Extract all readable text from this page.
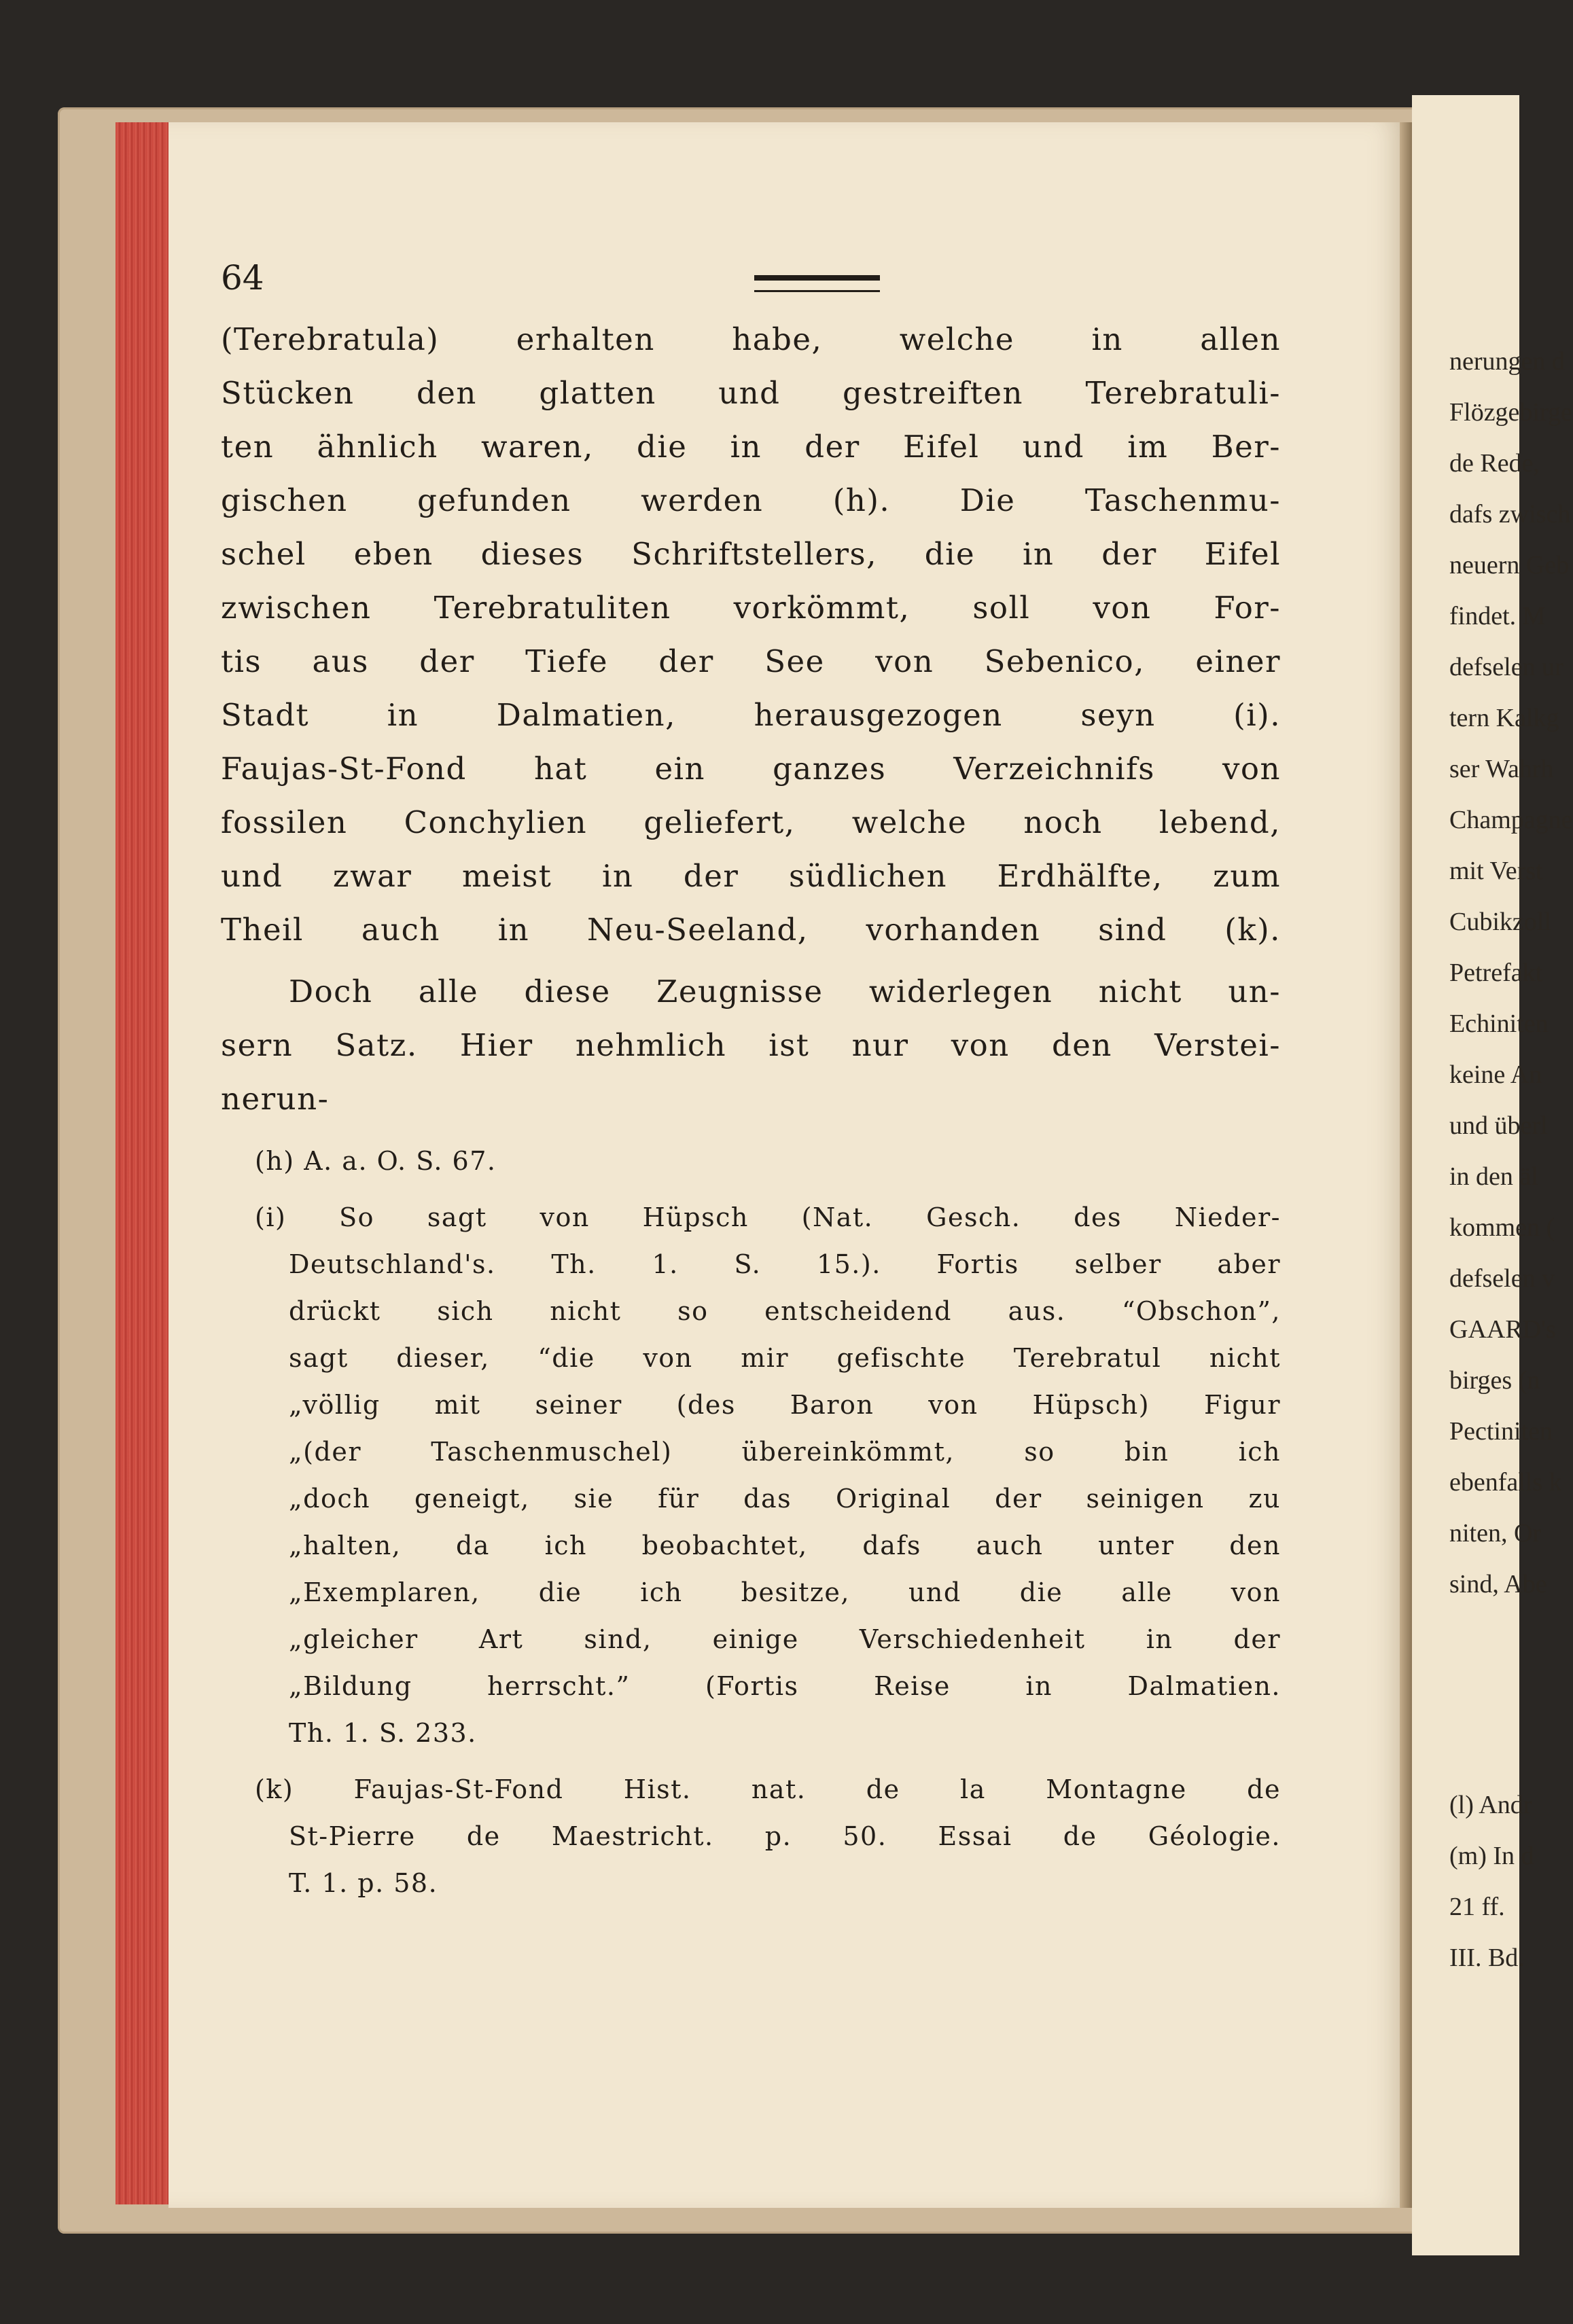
nerungen d
Flözgebirge
de Rede,
dafs zwisch
neuern Geb
findet. M
defselen ur
tern Kalkg
ser Wahrh
Champagne
mit Verst
Cubikzoll
Petrefakt
Echiniten
keine An
und überl
in den äl
kommen (
defselen v
GAARD's
birges (n
Pectiniten
ebenfalls k
niten, Or
sind, Abe
(l) Andr
(m) In d
21 ff.
III. Bd.
64
(Terebratula) erhalten habe, welche in allen
Stücken den glatten und gestreiften Terebratuli-
ten ähnlich waren, die in der Eifel und im Ber-
gischen gefunden werden (h). Die Taschenmu-
schel eben dieses Schriftstellers, die in der Eifel
zwischen Terebratuliten vorkömmt, soll von For-
tis aus der Tiefe der See von Sebenico, einer
Stadt in Dalmatien, herausgezogen seyn (i).
Faujas-St-Fond hat ein ganzes Verzeichnifs von
fossilen Conchylien geliefert, welche noch lebend,
und zwar meist in der südlichen Erdhälfte, zum
Theil auch in Neu-Seeland, vorhanden sind (k).
Doch alle diese Zeugnisse widerlegen nicht un-
sern Satz. Hier nehmlich ist nur von den Verstei-
nerun-
(h) A. a. O. S. 67.
(i) So sagt von Hüpsch (Nat. Gesch. des Nieder-
Deutschland's. Th. 1. S. 15.). Fortis selber aber
drückt sich nicht so entscheidend aus. “Obschon”,
sagt dieser, “die von mir gefischte Terebratul nicht
„völlig mit seiner (des Baron von Hüpsch) Figur
„(der Taschenmuschel) übereinkömmt, so bin ich
„doch geneigt, sie für das Original der seinigen zu
„halten, da ich beobachtet, dafs auch unter den
„Exemplaren, die ich besitze, und die alle von
„gleicher Art sind, einige Verschiedenheit in der
„Bildung herrscht.” (Fortis Reise in Dalmatien.
Th. 1. S. 233.
(k) Faujas-St-Fond Hist. nat. de la Montagne de
St-Pierre de Maestricht. p. 50. Essai de Géologie.
T. 1. p. 58.
